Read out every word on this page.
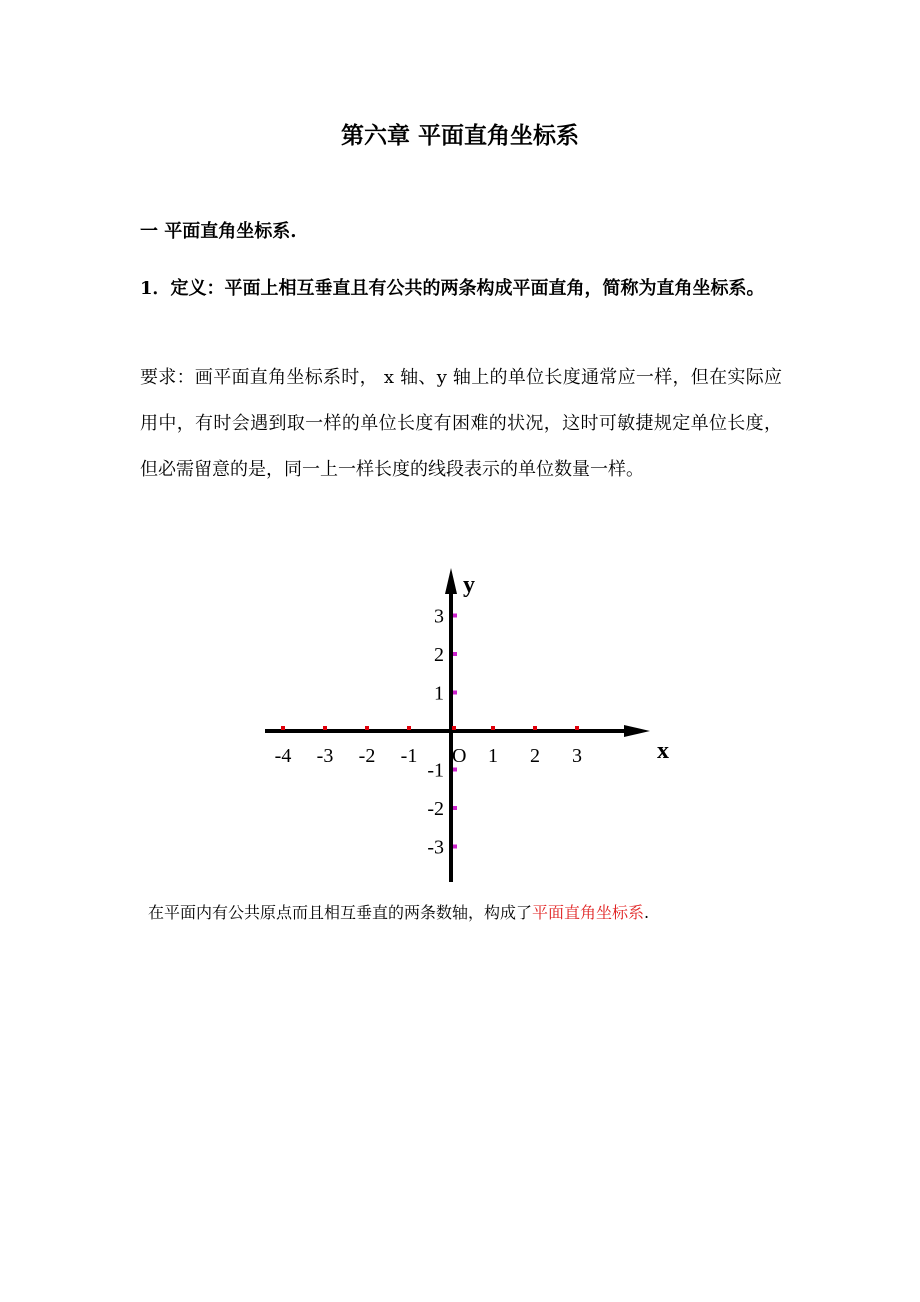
第六章 平面直角坐标系
一 平面直角坐标系.

1．定义：平面上相互垂直且有公共的两条构成平面直角，简称为直角坐标系。

要求：画平面直角坐标系时， x 轴、y 轴上的单位长度通常应一样，但在实际应用中，有时会遇到取一样的单位长度有困难的状况，这时可敏捷规定单位长度，但必需留意的是，同一上一样长度的线段表示的单位数量一样。

-4 -3 -2 -1	1 2 3
3
2
1
-1
-2
-3
O	x
y
在平面内有公共原点而且相互垂直的两条数轴，构成了平面直角坐标系.
